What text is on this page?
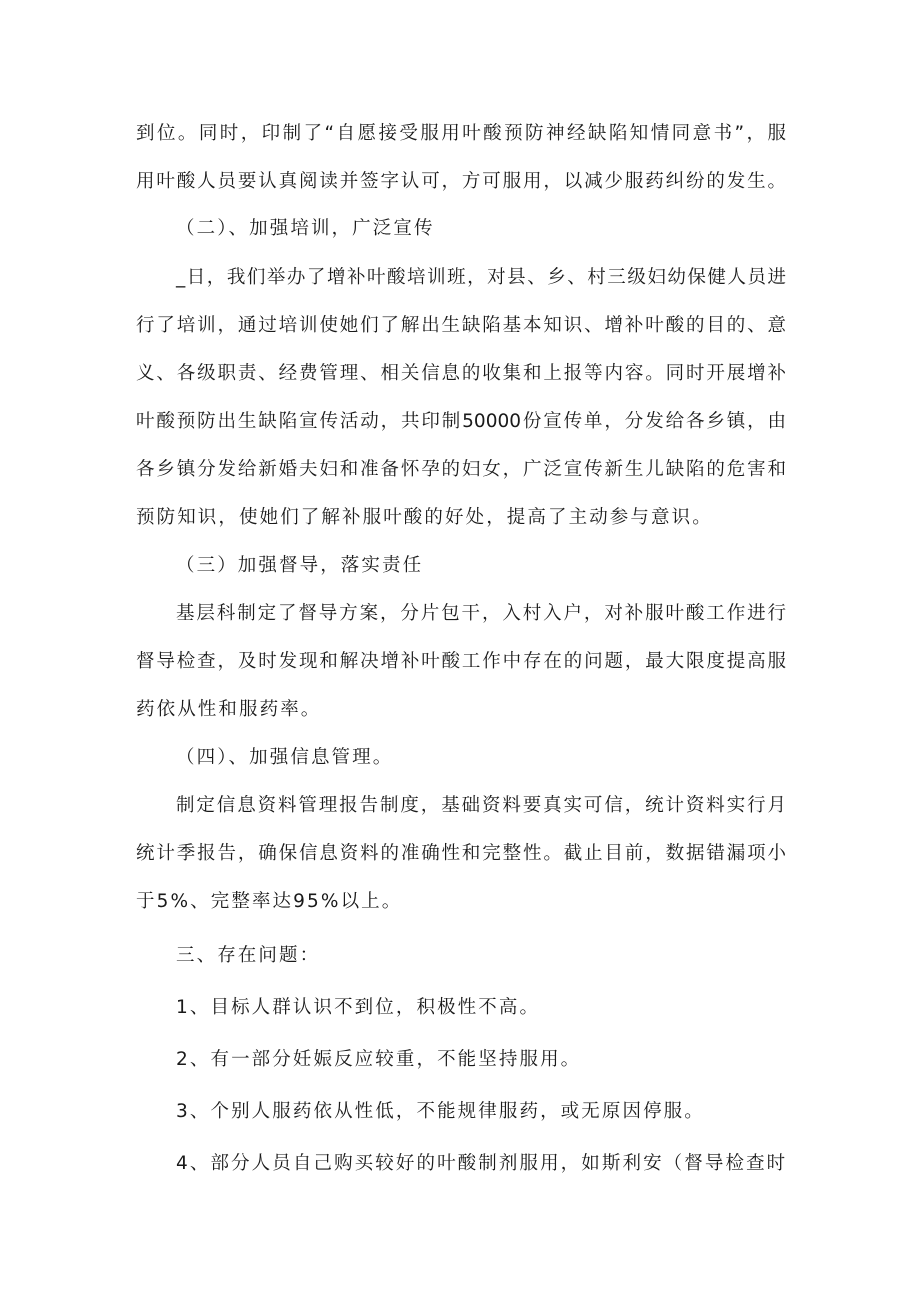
到位。同时，印制了“自愿接受服用叶酸预防神经缺陷知情同意书”，服
用叶酸人员要认真阅读并签字认可，方可服用，以减少服药纠纷的发生。
（二）、加强培训，广泛宣传
_日，我们举办了增补叶酸培训班，对县、乡、村三级妇幼保健人员进
行了培训，通过培训使她们了解出生缺陷基本知识、增补叶酸的目的、意
义、各级职责、经费管理、相关信息的收集和上报等内容。同时开展增补
叶酸预防出生缺陷宣传活动，共印制50000份宣传单，分发给各乡镇，由
各乡镇分发给新婚夫妇和准备怀孕的妇女，广泛宣传新生儿缺陷的危害和
预防知识，使她们了解补服叶酸的好处，提高了主动参与意识。
（三）加强督导，落实责任
基层科制定了督导方案，分片包干，入村入户，对补服叶酸工作进行
督导检查，及时发现和解决增补叶酸工作中存在的问题，最大限度提高服
药依从性和服药率。
（四）、加强信息管理。
制定信息资料管理报告制度，基础资料要真实可信，统计资料实行月
统计季报告，确保信息资料的准确性和完整性。截止目前，数据错漏项小
于5%、完整率达95%以上。
三、存在问题：
1、目标人群认识不到位，积极性不高。
2、有一部分妊娠反应较重，不能坚持服用。
3、个别人服药依从性低，不能规律服药，或无原因停服。
4、部分人员自己购买较好的叶酸制剂服用，如斯利安（督导检查时
